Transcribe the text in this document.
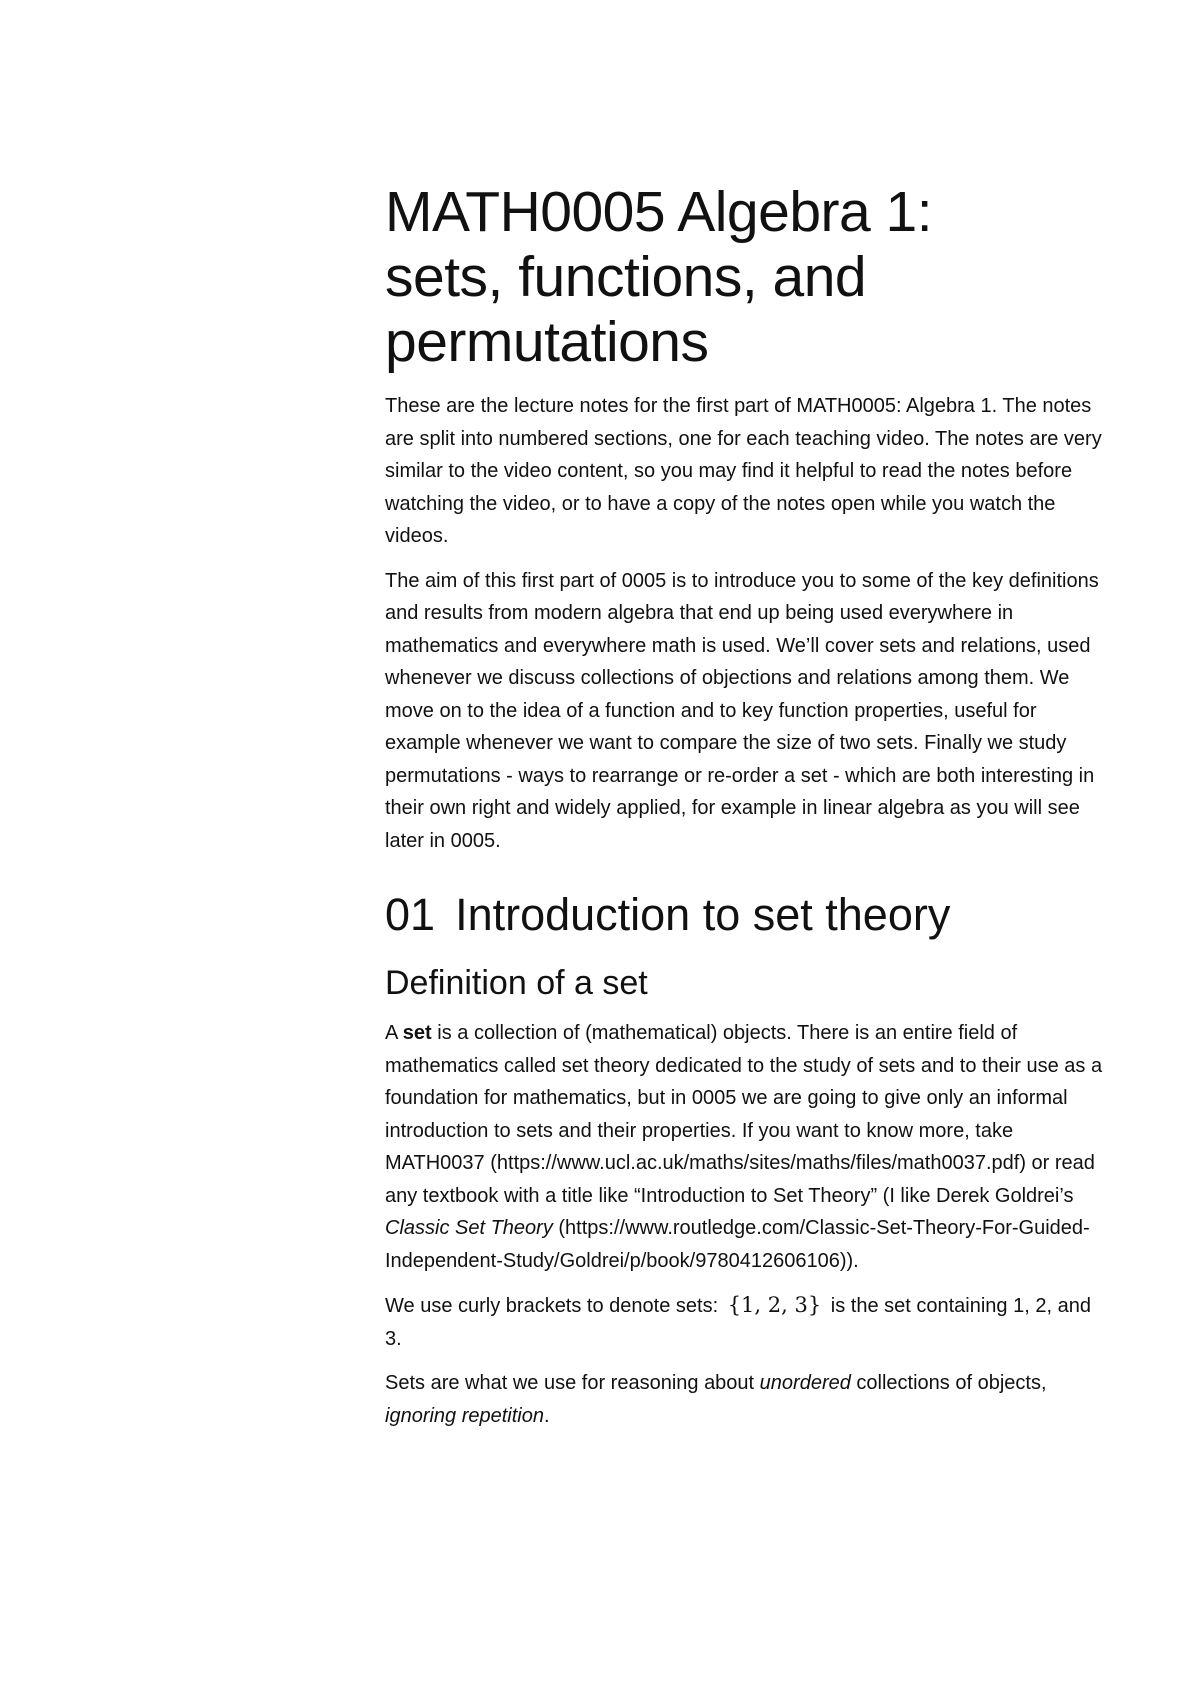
MATH0005 Algebra 1:
sets, functions, and
permutations

These are the lecture notes for the first part of MATH0005: Algebra 1. The notes are split into numbered sections, one for each teaching video. The notes are very similar to the video content, so you may find it helpful to read the notes before watching the video, or to have a copy of the notes open while you watch the videos.

The aim of this first part of 0005 is to introduce you to some of the key definitions and results from modern algebra that end up being used everywhere in mathematics and everywhere math is used. We’ll cover sets and relations, used whenever we discuss collections of objections and relations among them. We move on to the idea of a function and to key function properties, useful for example whenever we want to compare the size of two sets. Finally we study permutations - ways to rearrange or re-order a set - which are both interesting in their own right and widely applied, for example in linear algebra as you will see later in 0005.

01 Introduction to set theory
Definition of a set

A set is a collection of (mathematical) objects. There is an entire field of mathematics called set theory dedicated to the study of sets and to their use as a foundation for mathematics, but in 0005 we are going to give only an informal introduction to sets and their properties. If you want to know more, take MATH0037 (https://www.ucl.ac.uk/maths/sites/maths/files/math0037.pdf) or read any textbook with a title like “Introduction to Set Theory” (I like Derek Goldrei’s Classic Set Theory (https://www.routledge.com/Classic-Set-Theory-For-Guided-Independent-Study/Goldrei/p/book/9780412606106)).

We use curly brackets to denote sets: {1, 2, 3} is the set containing 1, 2, and 3.

Sets are what we use for reasoning about unordered collections of objects, ignoring repetition.
